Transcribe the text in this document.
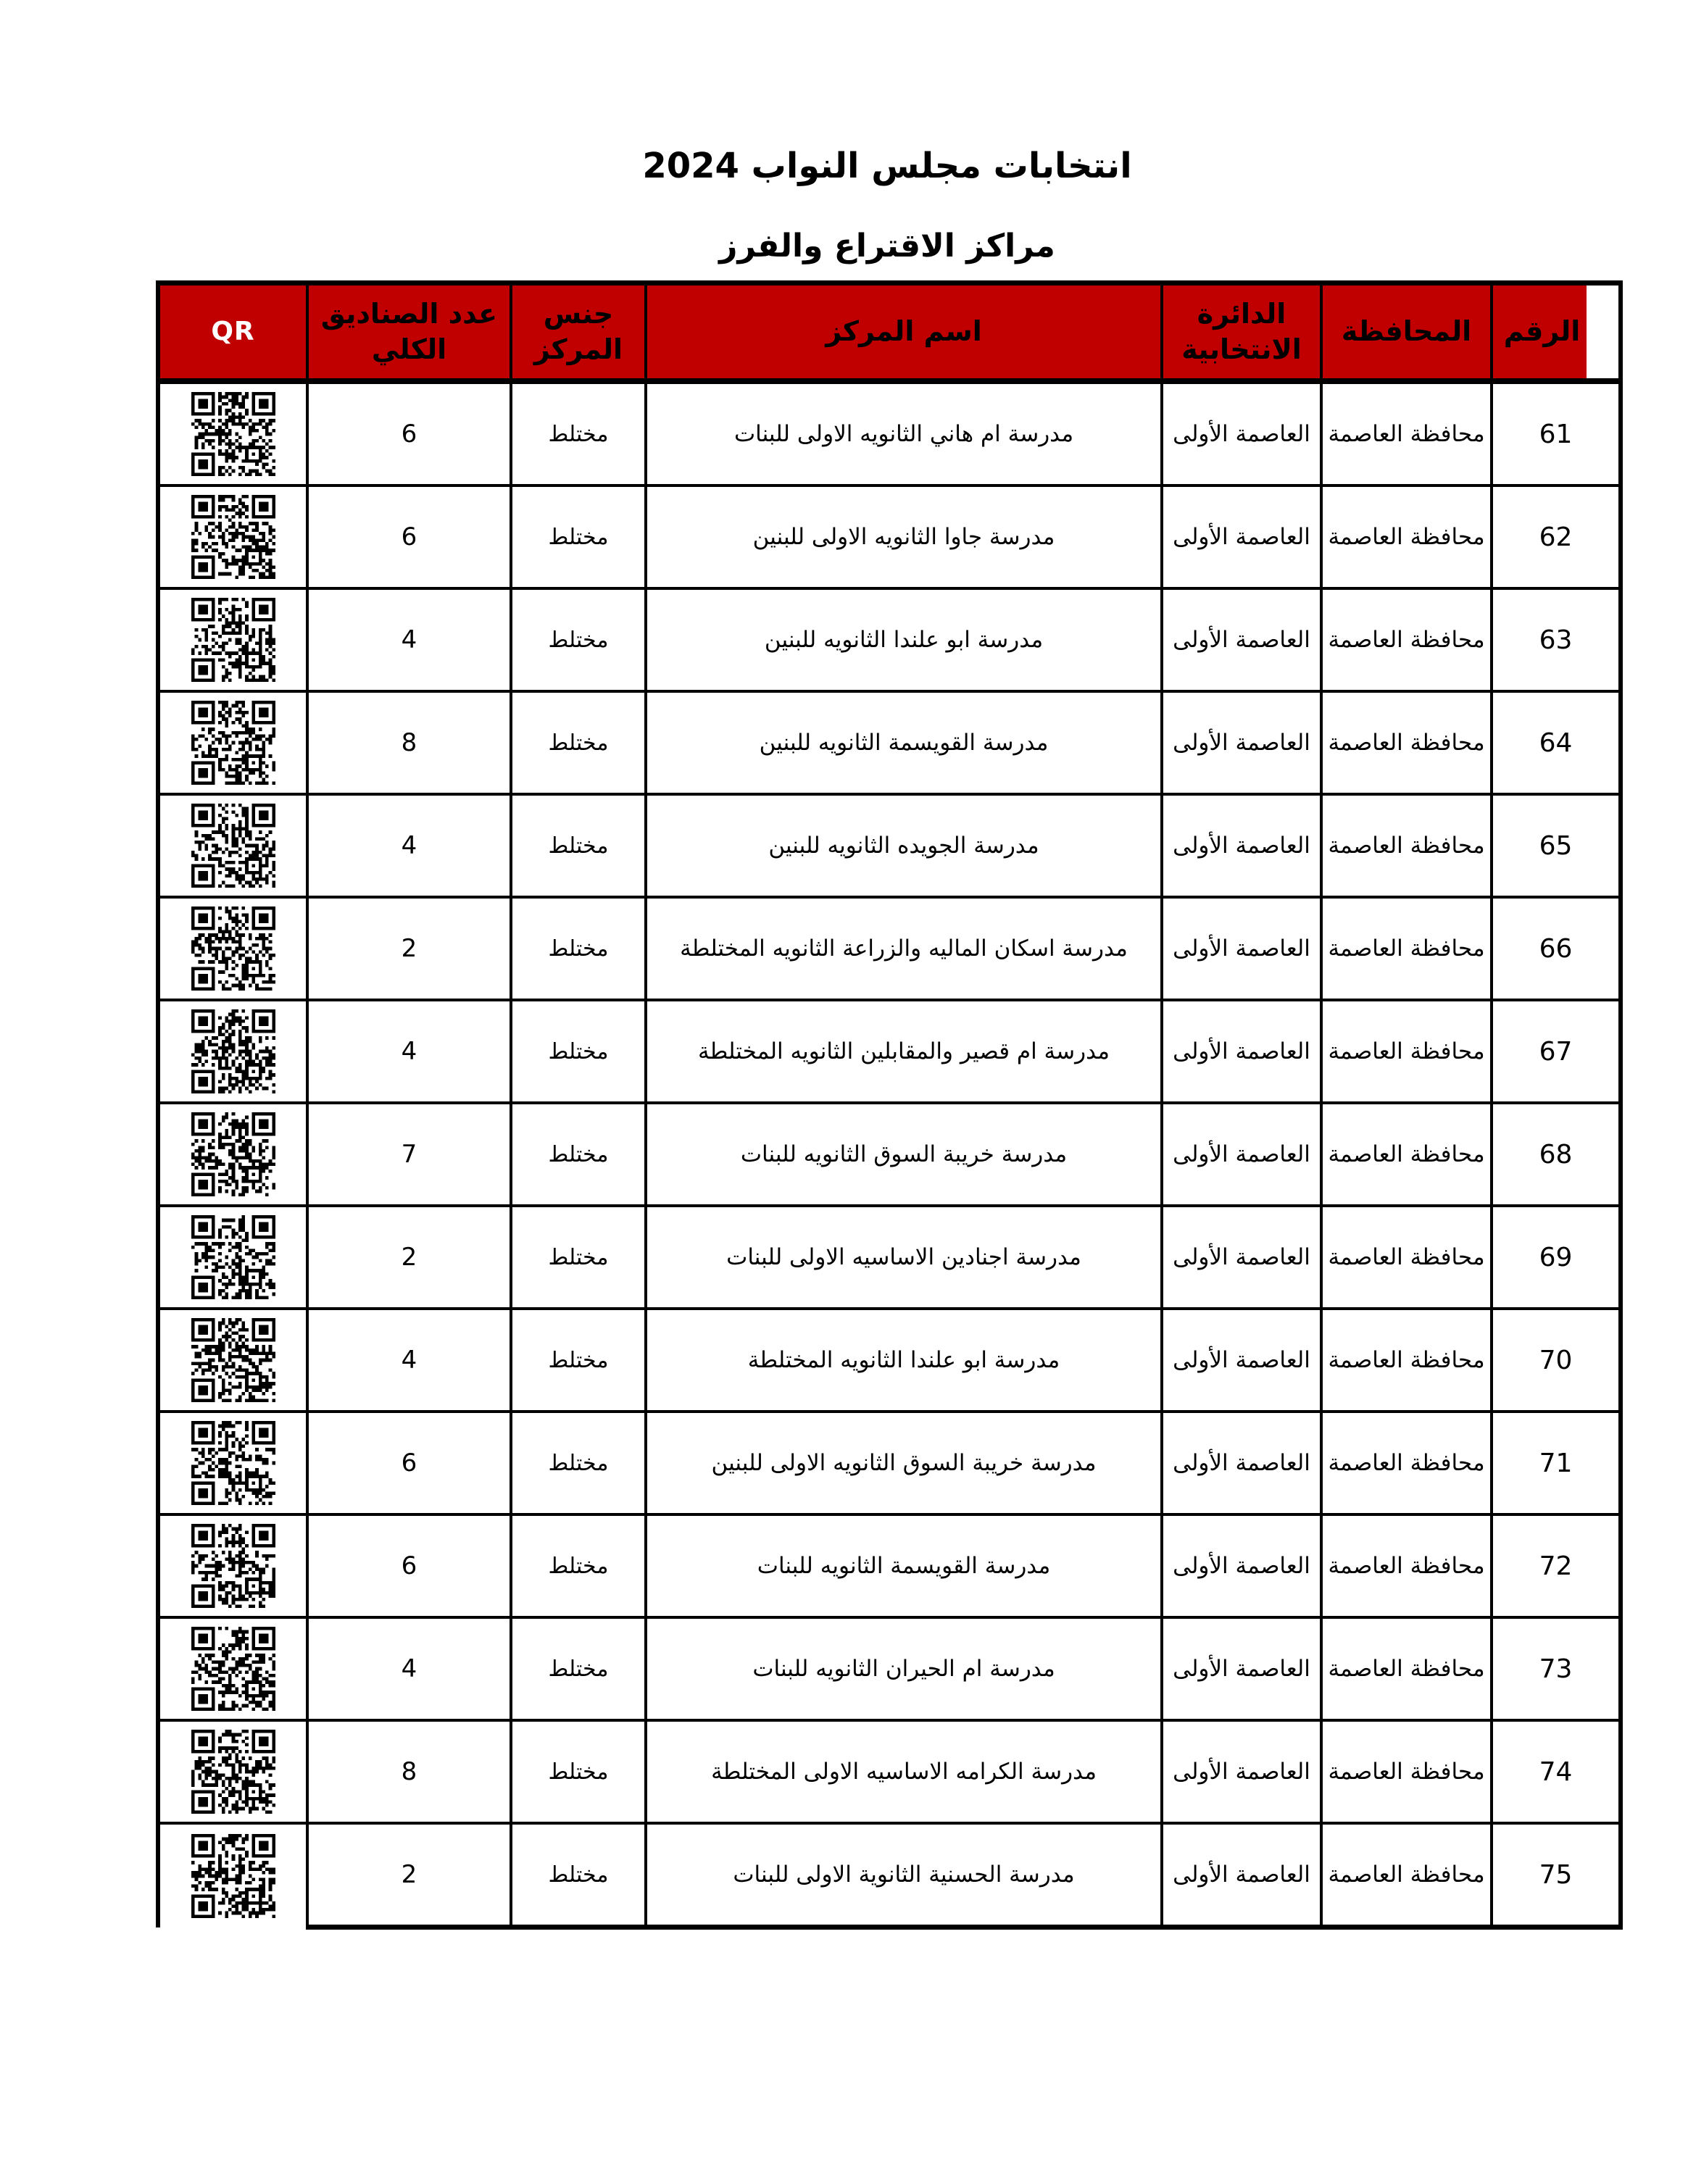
انتخابات مجلس النواب 2024
مراكز الاقتراع والفرز
الرقم	المحافظة	الدائرة الانتخابية	اسم المركز	جنس المركز	عدد الصناديق الكلي	QR
61	محافظة العاصمة	العاصمة الأولى	مدرسة ام هاني الثانويه الاولى للبنات	مختلط	6	

62	محافظة العاصمة	العاصمة الأولى	مدرسة جاوا الثانويه الاولى للبنين	مختلط	6	

63	محافظة العاصمة	العاصمة الأولى	مدرسة ابو علندا الثانويه للبنين	مختلط	4	

64	محافظة العاصمة	العاصمة الأولى	مدرسة القويسمة الثانويه للبنين	مختلط	8	

65	محافظة العاصمة	العاصمة الأولى	مدرسة الجويده الثانويه للبنين	مختلط	4	

66	محافظة العاصمة	العاصمة الأولى	مدرسة اسكان الماليه والزراعة الثانويه المختلطة	مختلط	2	

67	محافظة العاصمة	العاصمة الأولى	مدرسة ام قصير والمقابلين الثانويه المختلطة	مختلط	4	

68	محافظة العاصمة	العاصمة الأولى	مدرسة خريبة السوق الثانويه للبنات	مختلط	7	

69	محافظة العاصمة	العاصمة الأولى	مدرسة اجنادين الاساسيه الاولى للبنات	مختلط	2	

70	محافظة العاصمة	العاصمة الأولى	مدرسة ابو علندا الثانويه المختلطة	مختلط	4	

71	محافظة العاصمة	العاصمة الأولى	مدرسة خريبة السوق الثانويه الاولى للبنين	مختلط	6	

72	محافظة العاصمة	العاصمة الأولى	مدرسة القويسمة الثانويه للبنات	مختلط	6	

73	محافظة العاصمة	العاصمة الأولى	مدرسة ام الحيران الثانويه للبنات	مختلط	4	

74	محافظة العاصمة	العاصمة الأولى	مدرسة الكرامه الاساسيه الاولى المختلطة	مختلط	8	

75	محافظة العاصمة	العاصمة الأولى	مدرسة الحسنية الثانوية الاولى للبنات	مختلط	2	
